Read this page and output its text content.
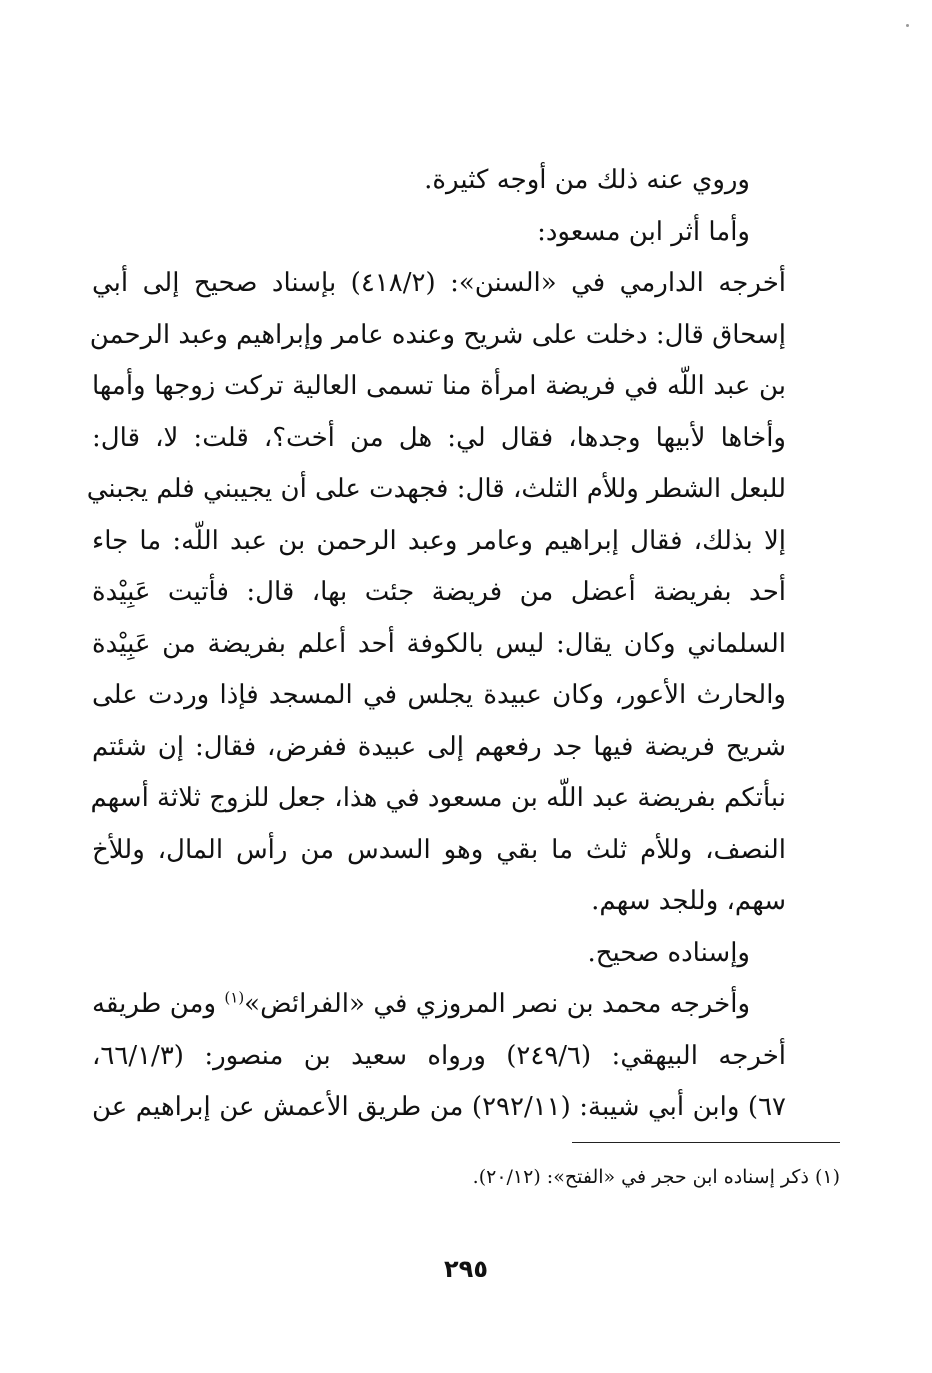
وروي عنه ذلك من أوجه كثيرة.
وأما أثر ابن مسعود:
أخرجه الدارمي في «السنن»: (٤١٨/٢) بإسناد صحيح إلى أبي
إسحاق قال: دخلت على شريح وعنده عامر وإبراهيم وعبد الرحمن
بن عبد اللّه في فريضة امرأة منا تسمى العالية تركت زوجها وأمها
وأخاها لأبيها وجدها، فقال لي: هل من أخت؟، قلت: لا، قال:
للبعل الشطر وللأم الثلث، قال: فجهدت على أن يجيبني فلم يجبني
إلا بذلك، فقال إبراهيم وعامر وعبد الرحمن بن عبد اللّه: ما جاء
أحد بفريضة أعضل من فريضة جئت بها، قال: فأتيت عَبِيْدة
السلماني وكان يقال: ليس بالكوفة أحد أعلم بفريضة من عَبِيْدة
والحارث الأعور، وكان عبيدة يجلس في المسجد فإذا وردت على
شريح فريضة فيها جد رفعهم إلى عبيدة ففرض، فقال: إن شئتم
نبأتكم بفريضة عبد اللّه بن مسعود في هذا، جعل للزوج ثلاثة أسهم
النصف، وللأم ثلث ما بقي وهو السدس من رأس المال، وللأخ
سهم، وللجد سهم.
وإسناده صحيح.
وأخرجه محمد بن نصر المروزي في «الفرائض»$^{(١)}$ ومن طريقه
أخرجه البيهقي: (٢٤٩/٦) ورواه سعيد بن منصور: (٦٦/١/٣،
٦٧) وابن أبي شيبة: (٢٩٢/١١) من طريق الأعمش عن إبراهيم عن
(١) ذكر إسناده ابن حجر في «الفتح»: (٢٠/١٢).
٢٩٥
